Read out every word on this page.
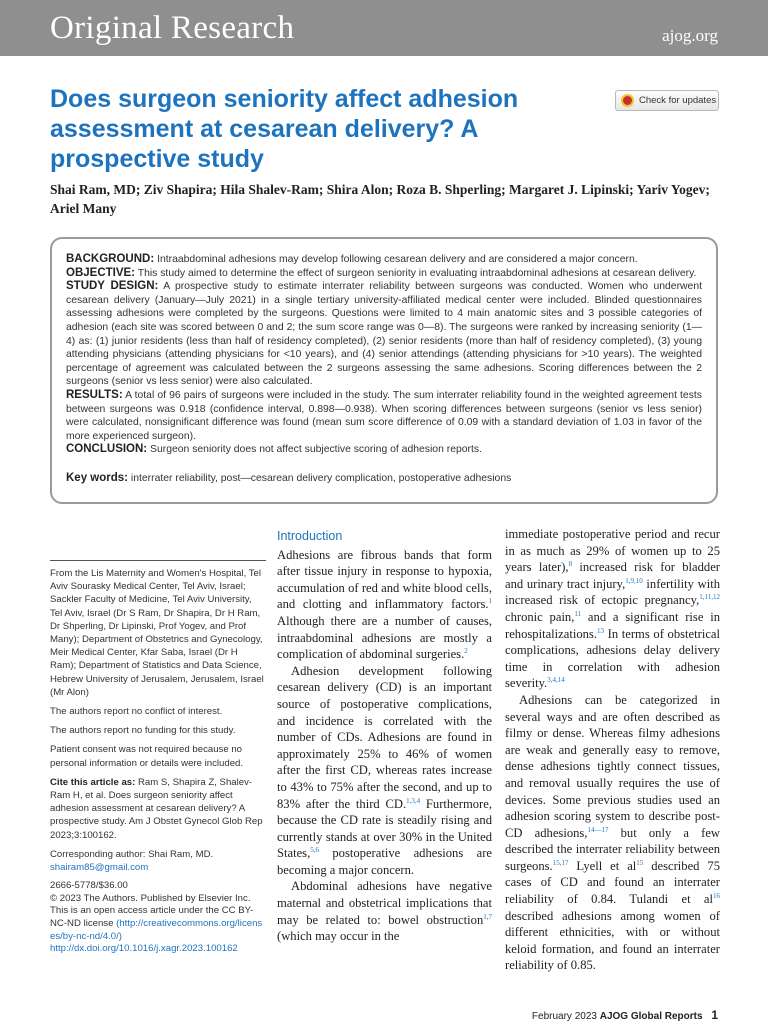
Original Research	ajog.org
Does surgeon seniority affect adhesion assessment at cesarean delivery? A prospective study
Check for updates
Shai Ram, MD; Ziv Shapira; Hila Shalev-Ram; Shira Alon; Roza B. Shperling; Margaret J. Lipinski; Yariv Yogev; Ariel Many

BACKGROUND: Intraabdominal adhesions may develop following cesarean delivery and are considered a major concern.

OBJECTIVE: This study aimed to determine the effect of surgeon seniority in evaluating intraabdominal adhesions at cesarean delivery.

STUDY DESIGN: A prospective study to estimate interrater reliability between surgeons was conducted. Women who underwent cesarean delivery (January—July 2021) in a single tertiary university-affiliated medical center were included. Blinded questionnaires assessing adhesions were completed by the surgeons. Questions were limited to 4 main anatomic sites and 3 possible categories of adhesion (each site was scored between 0 and 2; the sum score range was 0—8). The surgeons were ranked by increasing seniority (1—4) as: (1) junior residents (less than half of residency completed), (2) senior residents (more than half of residency completed), (3) young attending physicians (attending physicians for <10 years), and (4) senior attendings (attending physicians for >10 years). The weighted percentage of agreement was calculated between the 2 surgeons assessing the same adhesions. Scoring differences between the 2 surgeons (senior vs less senior) were also calculated.

RESULTS: A total of 96 pairs of surgeons were included in the study. The sum interrater reliability found in the weighted agreement tests between surgeons was 0.918 (confidence interval, 0.898—0.938). When scoring differences between surgeons (senior vs less senior) were calculated, nonsignificant difference was found (mean sum score difference of 0.09 with a standard deviation of 1.03 in favor of the more experienced surgeon).

CONCLUSION: Surgeon seniority does not affect subjective scoring of adhesion reports.

Key words: interrater reliability, post—cesarean delivery complication, postoperative adhesions

From the Lis Maternity and Women's Hospital, Tel Aviv Sourasky Medical Center, Tel Aviv, Israel; Sackler Faculty of Medicine, Tel Aviv University, Tel Aviv, Israel (Dr S Ram, Dr Shapira, Dr H Ram, Dr Shperling, Dr Lipinski, Prof Yogev, and Prof Many); Department of Obstetrics and Gynecology, Meir Medical Center, Kfar Saba, Israel (Dr H Ram); Department of Statistics and Data Science, Hebrew University of Jerusalem, Jerusalem, Israel (Mr Alon)

The authors report no conflict of interest.

The authors report no funding for this study.

Patient consent was not required because no personal information or details were included.

Cite this article as: Ram S, Shapira Z, Shalev-Ram H, et al. Does surgeon seniority affect adhesion assessment at cesarean delivery? A prospective study. Am J Obstet Gynecol Glob Rep 2023;3:100162.

Corresponding author: Shai Ram, MD.
shairam85@gmail.com

2666-5778/$36.00
© 2023 The Authors. Published by Elsevier Inc. This is an open access article under the CC BY-NC-ND license (http://creativecommons.org/licenses/by-nc-nd/4.0/)
http://dx.doi.org/10.1016/j.xagr.2023.100162

Introduction

Adhesions are fibrous bands that form after tissue injury in response to hypoxia, accumulation of red and white blood cells, and clotting and inflammatory factors.$^1$ Although there are a number of causes, intraabdominal adhesions are mostly a complication of abdominal surgeries.$^2$

Adhesion development following cesarean delivery (CD) is an important source of postoperative complications, and incidence is correlated with the number of CDs. Adhesions are found in approximately 25% to 46% of women after the first CD, whereas rates increase to 43% to 75% after the second, and up to 83% after the third CD.$^{1,3,4}$ Furthermore, because the CD rate is steadily rising and currently stands at over 30% in the United States,$^{5,6}$ postoperative adhesions are becoming a major concern.

Abdominal adhesions have negative maternal and obstetrical implications that may be related to: bowel obstruction$^{1,7}$ (which may occur in the

immediate postoperative period and recur in as much as 29% of women up to 25 years later),$^8$ increased risk for bladder and urinary tract injury,$^{1,9,10}$ infertility with increased risk of ectopic pregnancy,$^{1,11,12}$ chronic pain,$^{11}$ and a significant rise in rehospitalizations.$^{13}$ In terms of obstetrical complications, adhesions delay delivery time in correlation with adhesion severity.$^{3,4,14}$

Adhesions can be categorized in several ways and are often described as filmy or dense. Whereas filmy adhesions are weak and generally easy to remove, dense adhesions tightly connect tissues, and removal usually requires the use of devices. Some previous studies used an adhesion scoring system to describe post-CD adhesions,$^{14—17}$ but only a few described the interrater reliability between surgeons.$^{15,17}$ Lyell et $al^{15}$ described 75 cases of CD and found an interrater reliability of 0.84. Tulandi et $al^{16}$ described adhesions among women of different ethnicities, with or without keloid formation, and found an interrater reliability of 0.85.

February 2023 AJOG Global Reports 1
